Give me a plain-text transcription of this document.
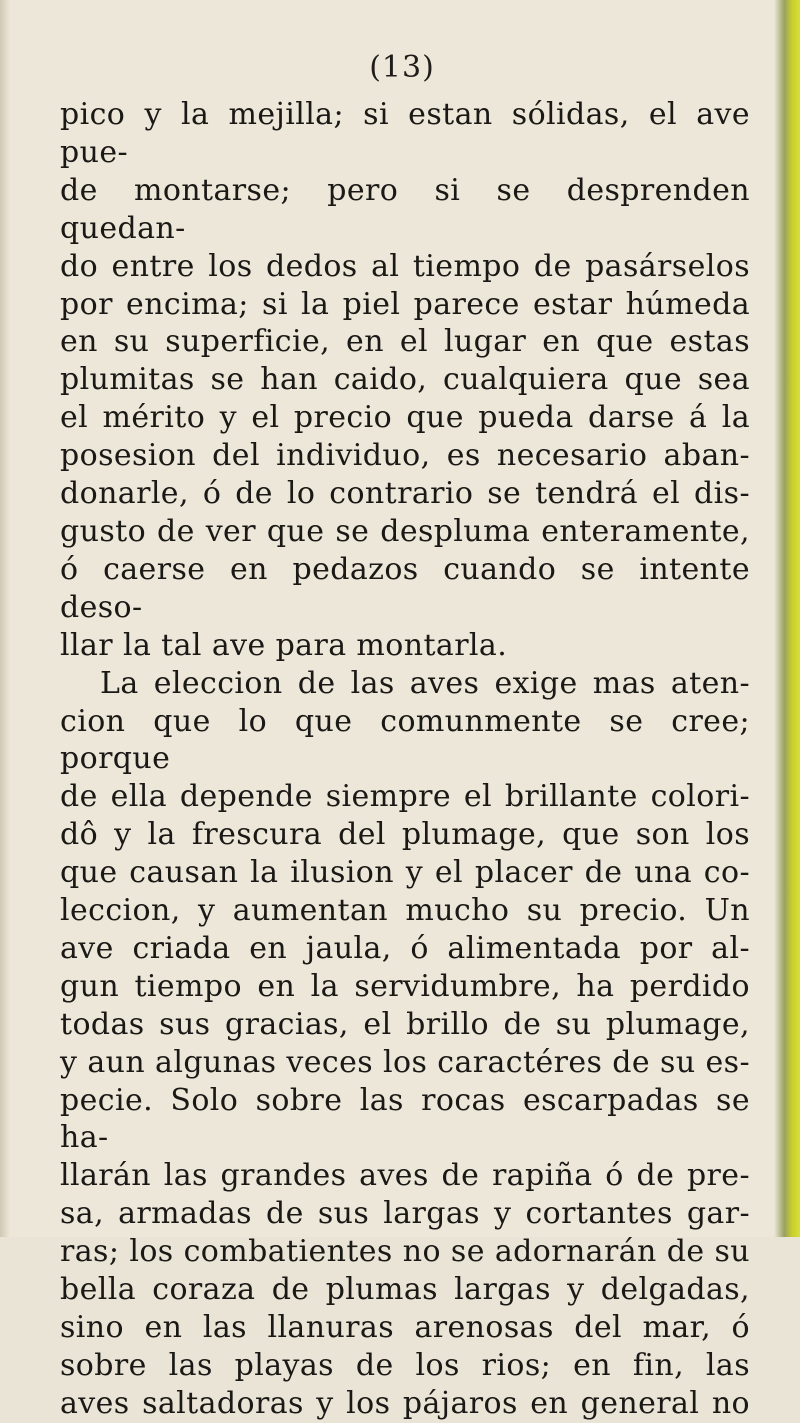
(13)
pico y la mejilla; si estan sólidas, el ave pue-
de montarse; pero si se desprenden quedan-
do entre los dedos al tiempo de pasárselos
por encima; si la piel parece estar húmeda
en su superficie, en el lugar en que estas
plumitas se han caido, cualquiera que sea
el mérito y el precio que pueda darse á la
posesion del individuo, es necesario aban-
donarle, ó de lo contrario se tendrá el dis-
gusto de ver que se despluma enteramente,
ó caerse en pedazos cuando se intente deso-
llar la tal ave para montarla.
La eleccion de las aves exige mas aten-
cion que lo que comunmente se cree; porque
de ella depende siempre el brillante colori-
dô y la frescura del plumage, que son los
que causan la ilusion y el placer de una co-
leccion, y aumentan mucho su precio. Un
ave criada en jaula, ó alimentada por al-
gun tiempo en la servidumbre, ha perdido
todas sus gracias, el brillo de su plumage,
y aun algunas veces los caractéres de su es-
pecie. Solo sobre las rocas escarpadas se ha-
llarán las grandes aves de rapiña ó de pre-
sa, armadas de sus largas y cortantes gar-
ras; los combatientes no se adornarán de su
bella coraza de plumas largas y delgadas,
sino en las llanuras arenosas del mar, ó
sobre las playas de los rios; en fin, las
aves saltadoras y los pájaros en general no
